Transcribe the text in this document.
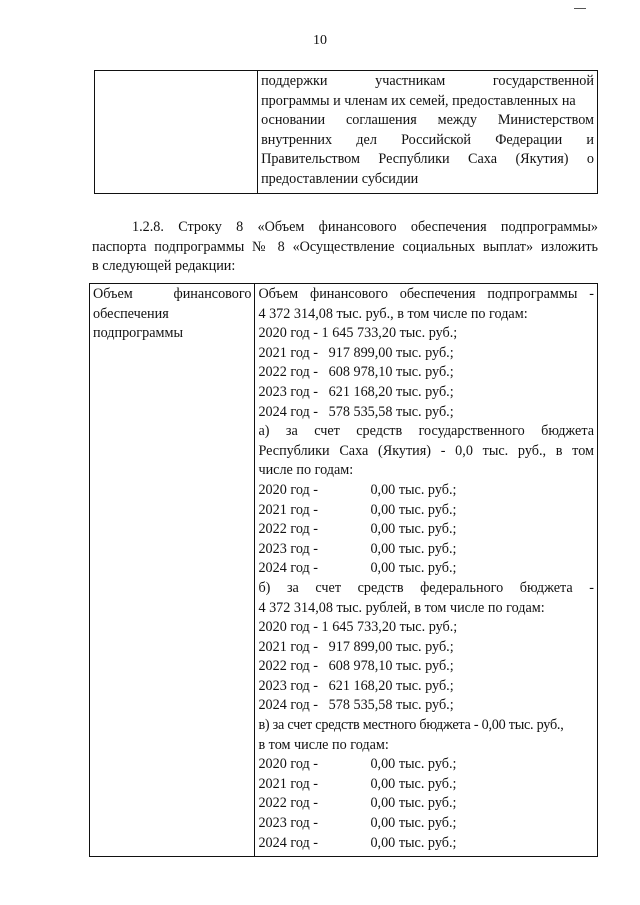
10

поддержки участникам государственной
программы и членам их семей, предоставленных на
основании соглашения между Министерством
внутренних дел Российской Федерации и
Правительством Республики Саха (Якутия) о
предоставлении субсидии
1.2.8. Строку 8 «Объем финансового обеспечения подпрограммы»
паспорта подпрограммы № 8 «Осуществление социальных выплат» изложить
в следующей редакции:
Объем финансового
обеспечения
подпрограммы

Объем финансового обеспечения подпрограммы -
4 372 314,08 тыс. руб., в том числе по годам:
2020 год - 1 645 733,20 тыс. руб.;
2021 год -   917 899,00 тыс. руб.;
2022 год -   608 978,10 тыс. руб.;
2023 год -   621 168,20 тыс. руб.;
2024 год -   578 535,58 тыс. руб.;
а) за счет средств государственного бюджета
Республики Саха (Якутия) - 0,0 тыс. руб., в том
числе по годам:
2020 год -	0,00 тыс. руб.;
2021 год -	0,00 тыс. руб.;
2022 год -	0,00 тыс. руб.;
2023 год -	0,00 тыс. руб.;
2024 год -	0,00 тыс. руб.;
б) за счет средств федерального бюджета -
4 372 314,08 тыс. рублей, в том числе по годам:
2020 год - 1 645 733,20 тыс. руб.;
2021 год -   917 899,00 тыс. руб.;
2022 год -   608 978,10 тыс. руб.;
2023 год -   621 168,20 тыс. руб.;
2024 год -   578 535,58 тыс. руб.;
в) за счет средств местного бюджета - 0,00 тыс. руб.,
в том числе по годам:
2020 год -	0,00 тыс. руб.;
2021 год -	0,00 тыс. руб.;
2022 год -	0,00 тыс. руб.;
2023 год -	0,00 тыс. руб.;
2024 год -	0,00 тыс. руб.;
